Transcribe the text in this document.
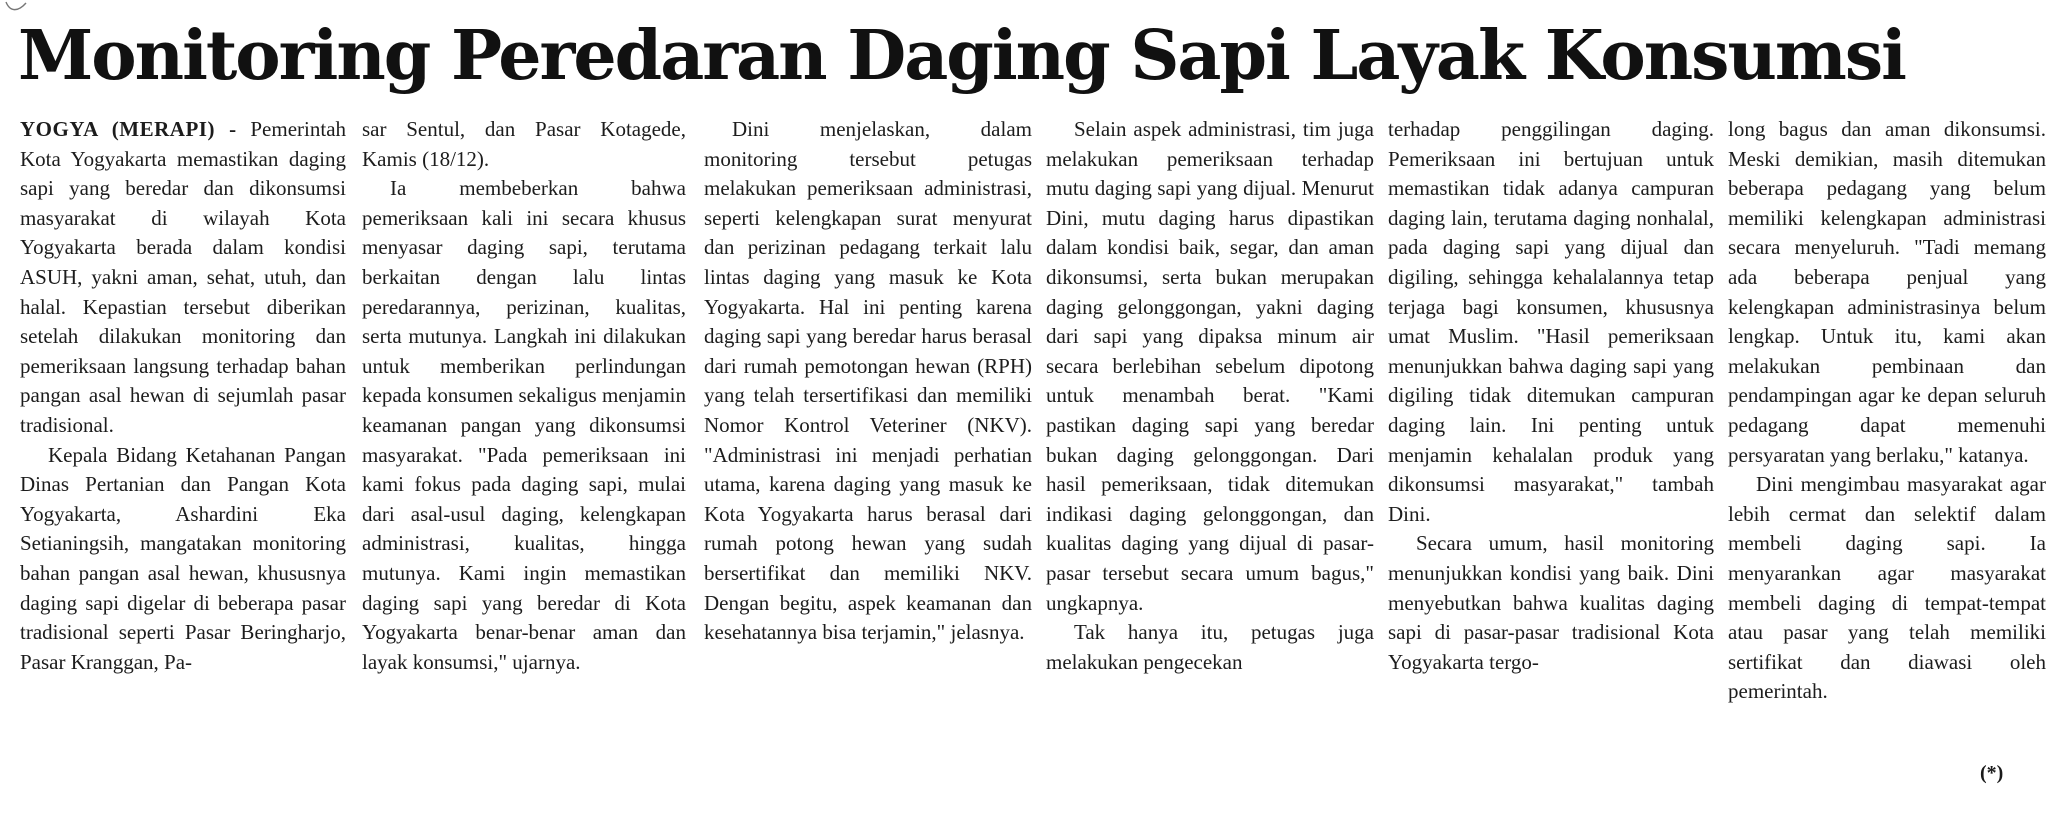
Monitoring Peredaran Daging Sapi Layak Konsumsi

YOGYA (MERAPI) - Pemerintah Kota Yogyakarta memastikan daging sapi yang beredar dan dikonsumsi masyarakat di wilayah Kota Yogyakarta berada dalam kondisi ASUH, yakni aman, sehat, utuh, dan halal. Kepastian tersebut diberikan setelah dilakukan monitoring dan pemeriksaan langsung terhadap bahan pangan asal hewan di sejumlah pasar tradisional.

Kepala Bidang Ketahanan Pangan Dinas Pertanian dan Pangan Kota Yogyakarta, Ashardini Eka Setianingsih, mangatakan monitoring bahan pangan asal hewan, khususnya daging sapi digelar di beberapa pasar tradisional seperti Pasar Beringharjo, Pasar Kranggan, Pa-

sar Sentul, dan Pasar Kotagede, Kamis (18/12).

Ia membeberkan bahwa pemeriksaan kali ini secara khusus menyasar daging sapi, terutama berkaitan dengan lalu lintas peredarannya, perizinan, kualitas, serta mutunya. Langkah ini dilakukan untuk memberikan perlindungan kepada konsumen sekaligus menjamin keamanan pangan yang dikonsumsi masyarakat. "Pada pemeriksaan ini kami fokus pada daging sapi, mulai dari asal-usul daging, kelengkapan administrasi, kualitas, hingga mutunya. Kami ingin memastikan daging sapi yang beredar di Kota Yogyakarta benar-benar aman dan layak konsumsi," ujarnya.

Dini menjelaskan, dalam monitoring tersebut petugas melakukan pemeriksaan administrasi, seperti kelengkapan surat menyurat dan perizinan pedagang terkait lalu lintas daging yang masuk ke Kota Yogyakarta. Hal ini penting karena daging sapi yang beredar harus berasal dari rumah pemotongan hewan (RPH) yang telah tersertifikasi dan memiliki Nomor Kontrol Veteriner (NKV). "Administrasi ini menjadi perhatian utama, karena daging yang masuk ke Kota Yogyakarta harus berasal dari rumah potong hewan yang sudah bersertifikat dan memiliki NKV. Dengan begitu, aspek keamanan dan kesehatannya bisa terjamin," jelasnya.

Selain aspek administrasi, tim juga melakukan pemeriksaan terhadap mutu daging sapi yang dijual. Menurut Dini, mutu daging harus dipastikan dalam kondisi baik, segar, dan aman dikonsumsi, serta bukan merupakan daging gelonggongan, yakni daging dari sapi yang dipaksa minum air secara berlebihan sebelum dipotong untuk menambah berat. "Kami pastikan daging sapi yang beredar bukan daging gelonggongan. Dari hasil pemeriksaan, tidak ditemukan indikasi daging gelonggongan, dan kualitas daging yang dijual di pasar-pasar tersebut secara umum bagus," ungkapnya.

Tak hanya itu, petugas juga melakukan pengecekan

terhadap penggilingan daging. Pemeriksaan ini bertujuan untuk memastikan tidak adanya campuran daging lain, terutama daging nonhalal, pada daging sapi yang dijual dan digiling, sehingga kehalalannya tetap terjaga bagi konsumen, khususnya umat Muslim. "Hasil pemeriksaan menunjukkan bahwa daging sapi yang digiling tidak ditemukan campuran daging lain. Ini penting untuk menjamin kehalalan produk yang dikonsumsi masyarakat," tambah Dini.

Secara umum, hasil monitoring menunjukkan kondisi yang baik. Dini menyebutkan bahwa kualitas daging sapi di pasar-pasar tradisional Kota Yogyakarta tergo-

long bagus dan aman dikonsumsi. Meski demikian, masih ditemukan beberapa pedagang yang belum memiliki kelengkapan administrasi secara menyeluruh. "Tadi memang ada beberapa penjual yang kelengkapan administrasinya belum lengkap. Untuk itu, kami akan melakukan pembinaan dan pendampingan agar ke depan seluruh pedagang dapat memenuhi persyaratan yang berlaku," katanya.

Dini mengimbau masyarakat agar lebih cermat dan selektif dalam membeli daging sapi. Ia menyarankan agar masyarakat membeli daging di tempat-tempat atau pasar yang telah memiliki sertifikat dan diawasi oleh pemerintah.

(*)
